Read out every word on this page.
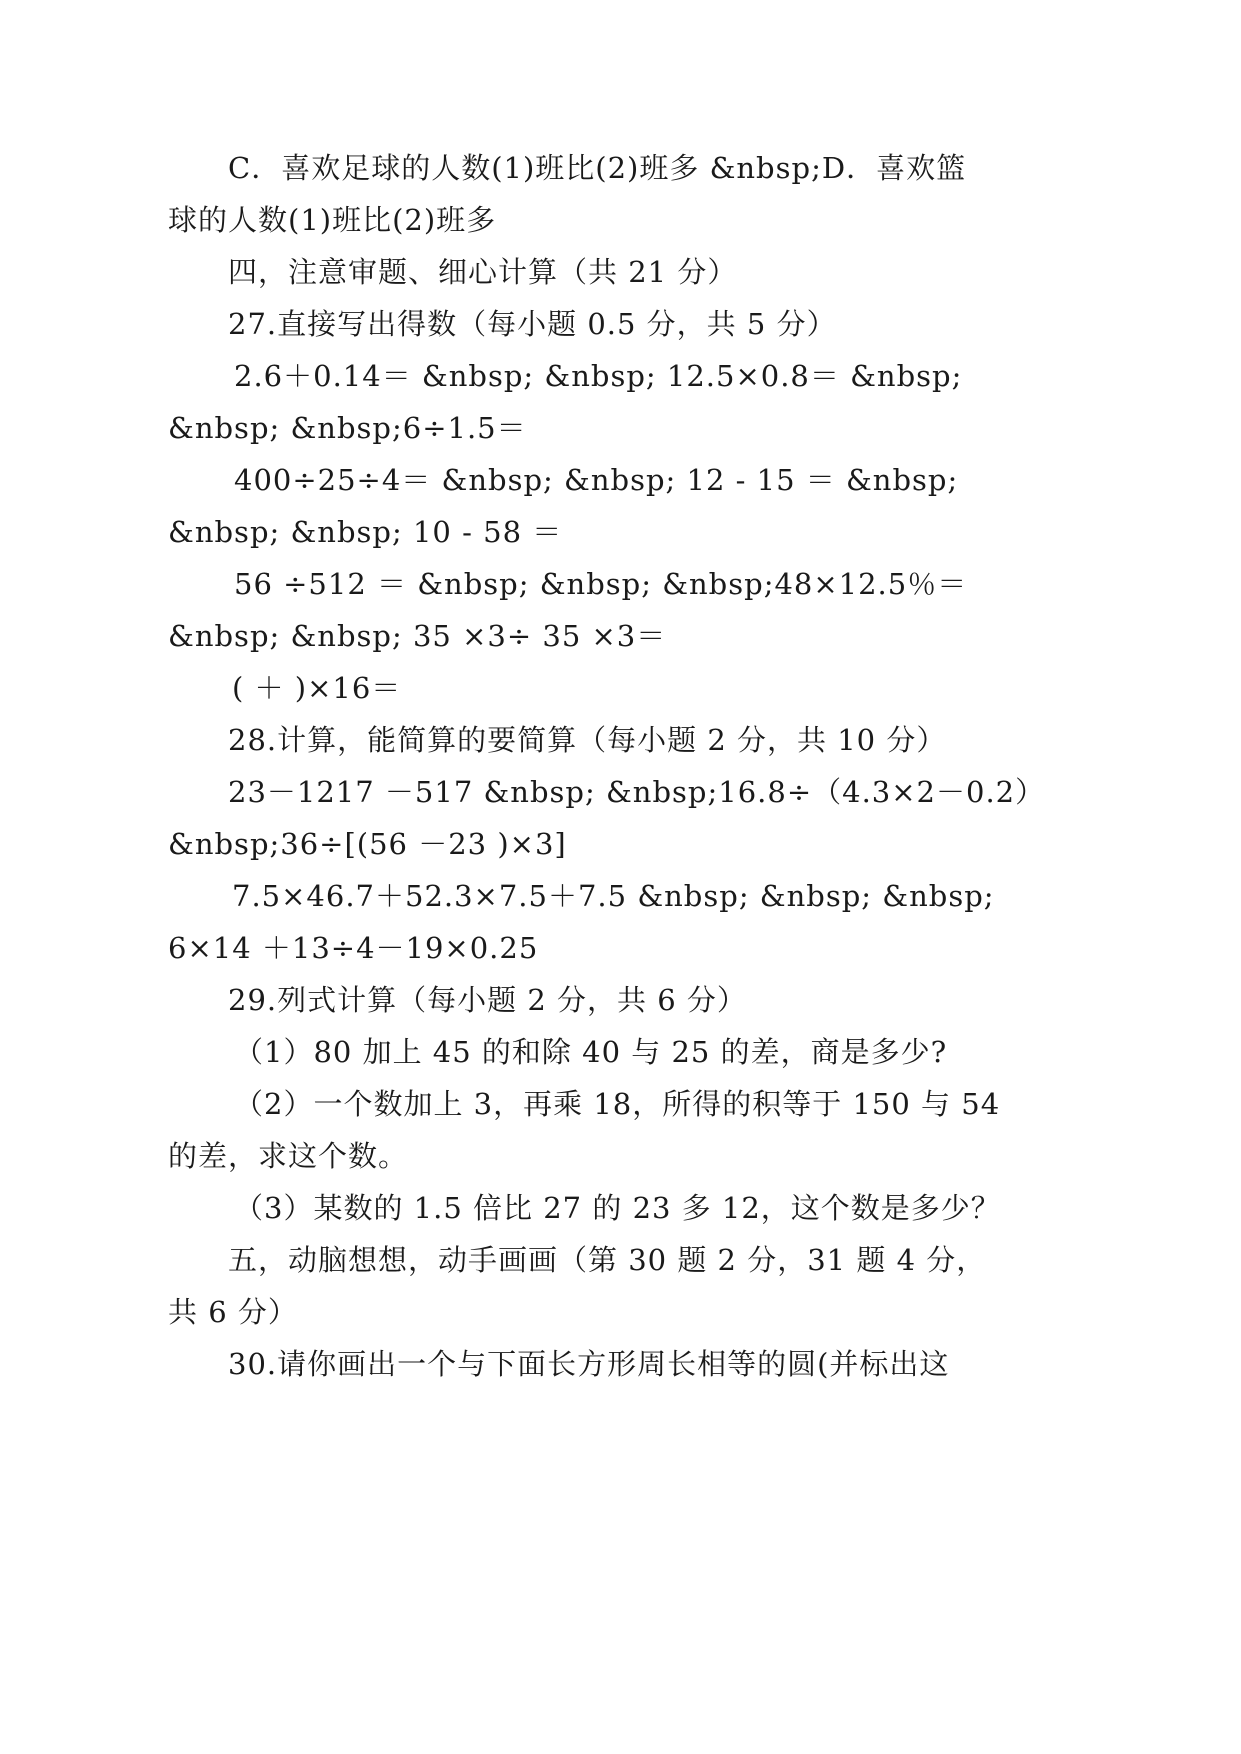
C．喜欢足球的人数(1)班比(2)班多 &nbsp;D．喜欢篮
球的人数(1)班比(2)班多
四，注意审题、细心计算（共 21 分）
27.直接写出得数（每小题 0.5 分，共 5 分）
2.6＋0.14＝ &nbsp; &nbsp; 12.5×0.8＝ &nbsp;
&nbsp; &nbsp;6÷1.5＝
400÷25÷4＝ &nbsp; &nbsp; 12 - 15 ＝ &nbsp;
&nbsp; &nbsp; 10 - 58 ＝
56 ÷512 ＝ &nbsp; &nbsp; &nbsp;48×12.5％＝
&nbsp; &nbsp; 35 ×3÷ 35 ×3＝
( ＋ )×16＝
28.计算，能简算的要简算（每小题 2 分，共 10 分）
23－1217 －517 &nbsp; &nbsp;16.8÷（4.3×2－0.2）
&nbsp;36÷[(56 －23 )×3]
7.5×46.7＋52.3×7.5＋7.5 &nbsp; &nbsp; &nbsp;
6×14 ＋13÷4－19×0.25
29.列式计算（每小题 2 分，共 6 分）
（1）80 加上 45 的和除 40 与 25 的差，商是多少?
（2）一个数加上 3，再乘 18，所得的积等于 150 与 54
的差，求这个数。
（3）某数的 1.5 倍比 27 的 23 多 12，这个数是多少？
五，动脑想想，动手画画（第 30 题 2 分，31 题 4 分，
共 6 分）
30.请你画出一个与下面长方形周长相等的圆(并标出这
